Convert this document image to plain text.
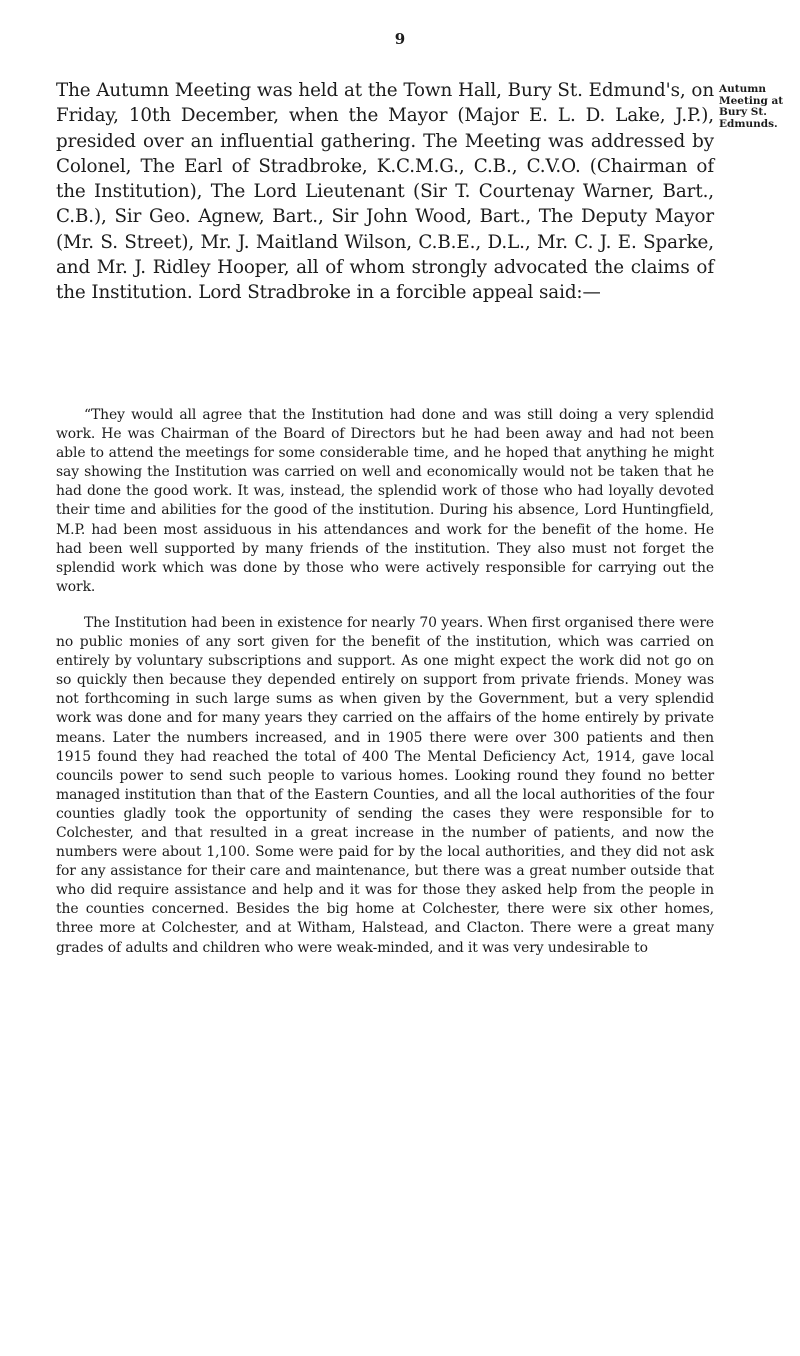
9
Autumn
Meeting at
Bury St.
Edmunds.

The Autumn Meeting was held at the Town Hall, Bury St. Edmund's, on Friday, 10th December, when the Mayor (Major E. L. D. Lake, J.P.), presided over an influential gathering. The Meeting was addressed by Colonel, The Earl of Stradbroke, K.C.M.G., C.B., C.V.O. (Chairman of the Institution), The Lord Lieutenant (Sir T. Courtenay Warner, Bart., C.B.), Sir Geo. Agnew, Bart., Sir John Wood, Bart., The Deputy Mayor (Mr. S. Street), Mr. J. Maitland Wilson, C.B.E., D.L., Mr. C. J. E. Sparke, and Mr. J. Ridley Hooper, all of whom strongly advocated the claims of the Institution. Lord Stradbroke in a forcible appeal said:—

“They would all agree that the Institution had done and was still doing a very splendid work. He was Chairman of the Board of Directors but he had been away and had not been able to attend the meetings for some considerable time, and he hoped that anything he might say showing the Institution was carried on well and economically would not be taken that he had done the good work. It was, instead, the splendid work of those who had loyally devoted their time and abilities for the good of the institution. During his absence, Lord Huntingfield, M.P. had been most assiduous in his attendances and work for the benefit of the home. He had been well supported by many friends of the institution. They also must not forget the splendid work which was done by those who were actively responsible for carrying out the work.

The Institution had been in existence for nearly 70 years. When first organised there were no public monies of any sort given for the benefit of the institution, which was carried on entirely by voluntary subscriptions and support. As one might expect the work did not go on so quickly then because they depended entirely on support from private friends. Money was not forthcoming in such large sums as when given by the Government, but a very splendid work was done and for many years they carried on the affairs of the home entirely by private means. Later the numbers increased, and in 1905 there were over 300 patients and then 1915 found they had reached the total of 400 The Mental Deficiency Act, 1914, gave local councils power to send such people to various homes. Looking round they found no better managed institution than that of the Eastern Counties, and all the local authorities of the four counties gladly took the opportunity of sending the cases they were responsible for to Colchester, and that resulted in a great increase in the number of patients, and now the numbers were about 1,100. Some were paid for by the local authorities, and they did not ask for any assistance for their care and maintenance, but there was a great number outside that who did require assistance and help and it was for those they asked help from the people in the counties concerned. Besides the big home at Colchester, there were six other homes, three more at Colchester, and at Witham, Halstead, and Clacton. There were a great many grades of adults and children who were weak-minded, and it was very undesirable to
